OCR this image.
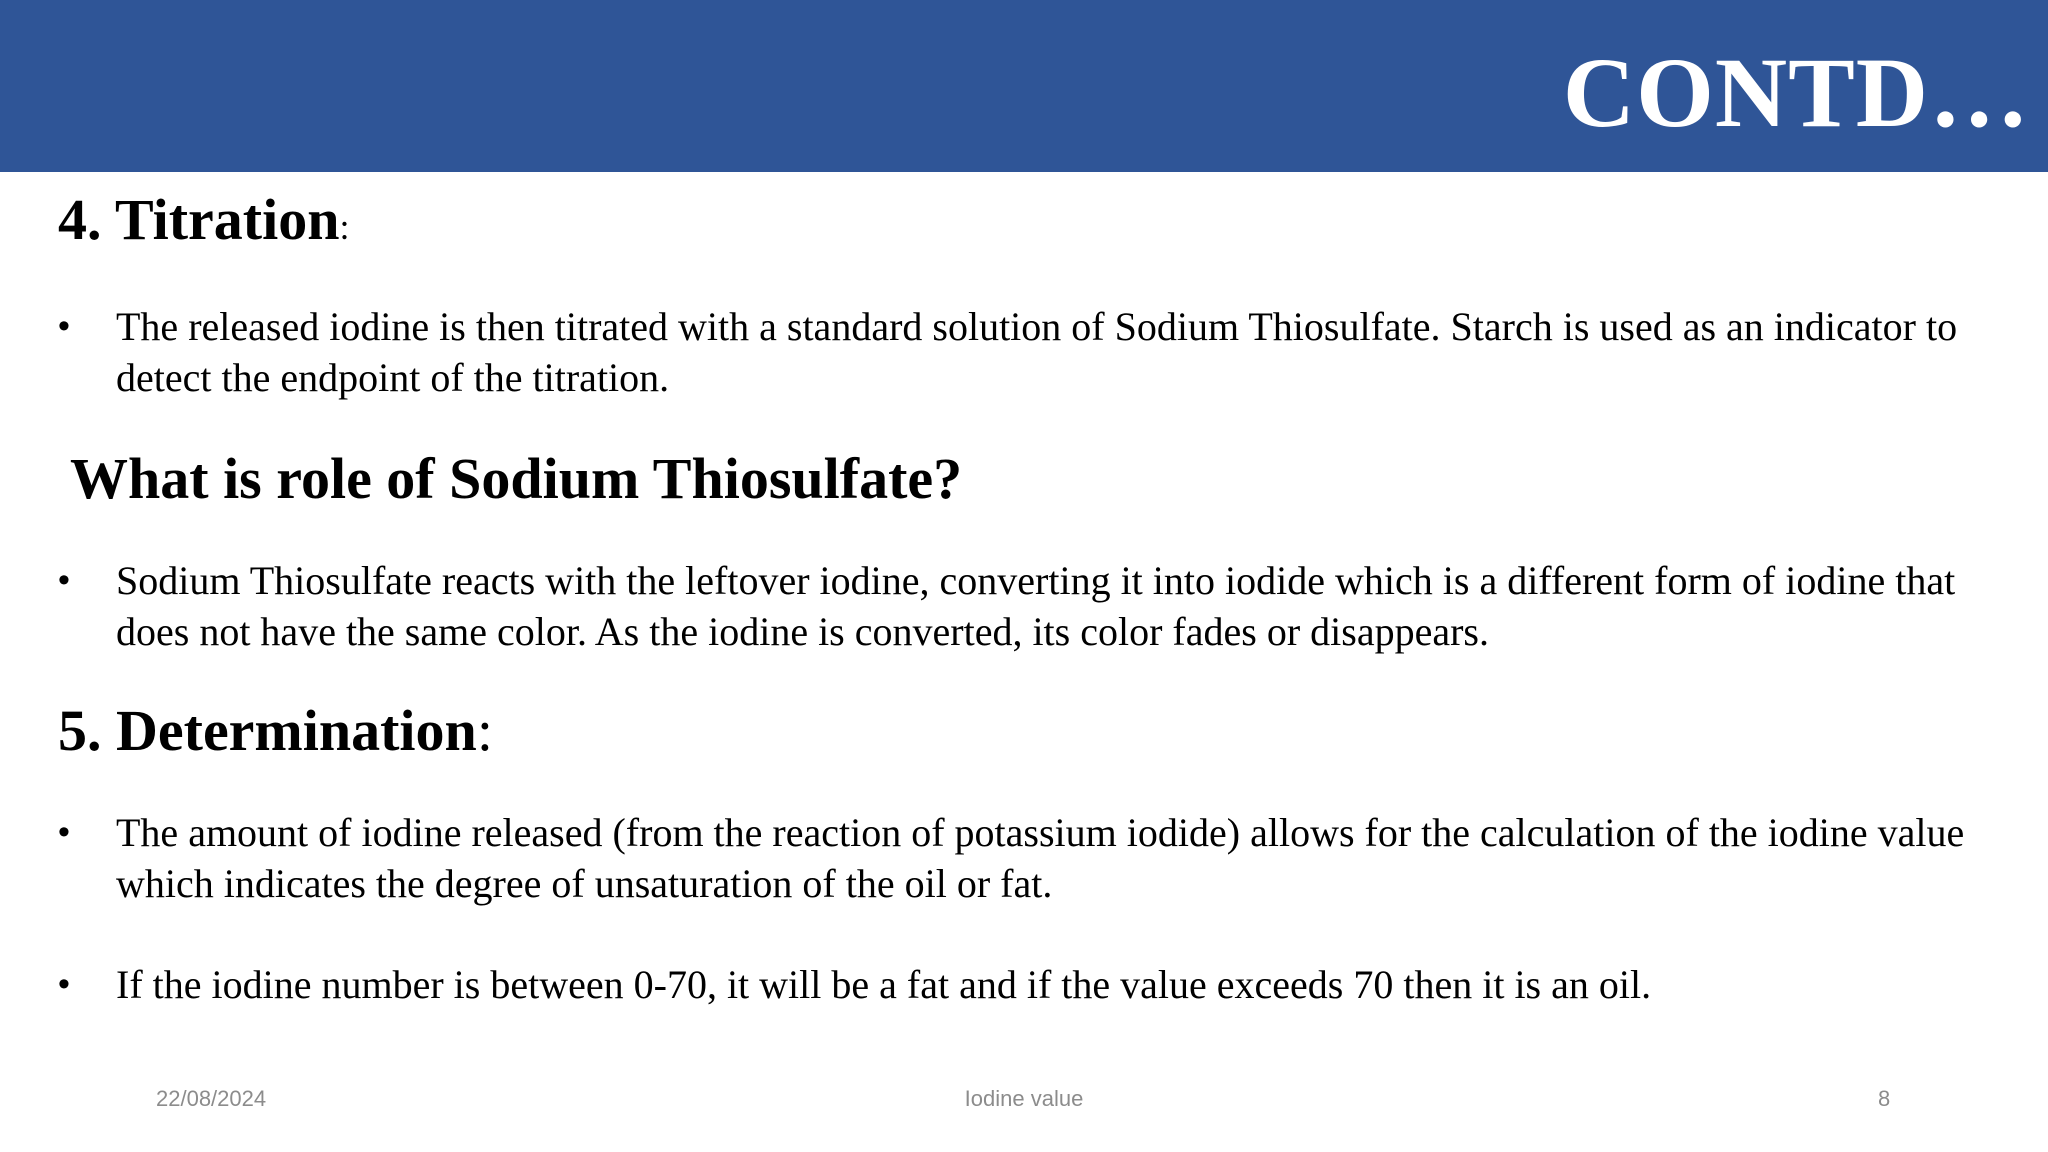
CONTD…
4. Titration:

• The released iodine is then titrated with a standard solution of Sodium Thiosulfate. Starch is used as an indicator to detect the endpoint of the titration.

What is role of Sodium Thiosulfate?

• Sodium Thiosulfate reacts with the leftover iodine, converting it into iodide which is a different form of iodine that does not have the same color. As the iodine is converted, its color fades or disappears.

5. Determination:

• The amount of iodine released (from the reaction of potassium iodide) allows for the calculation of the iodine value which indicates the degree of unsaturation of the oil or fat.

• If the iodine number is between 0-70, it will be a fat and if the value exceeds 70 then it is an oil.

22/08/2024	Iodine value	8
